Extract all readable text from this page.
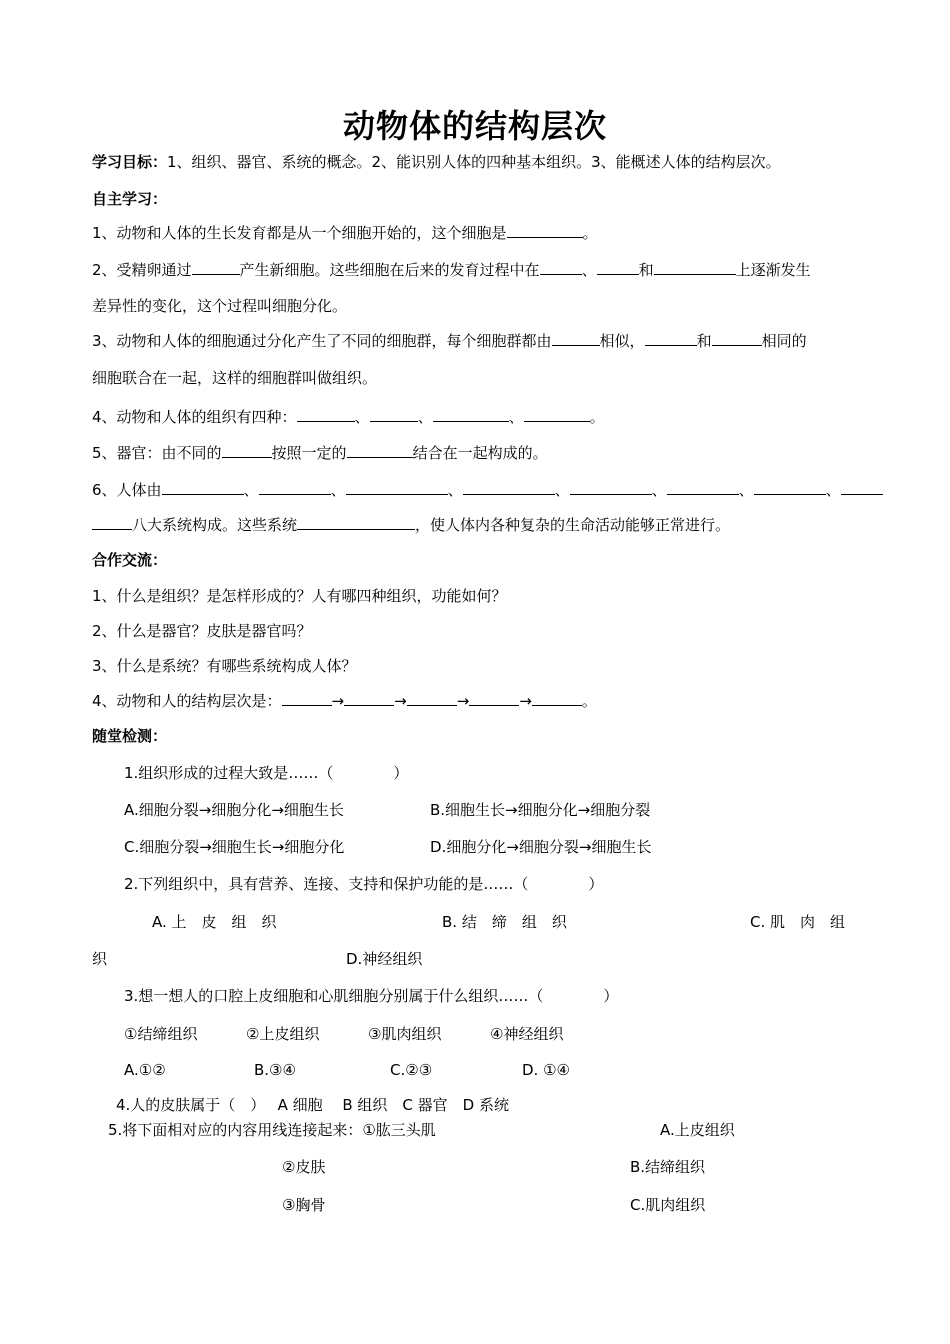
动物体的结构层次
学习目标：1、组织、器官、系统的概念。2、能识别人体的四种基本组织。3、能概述人体的结构层次。
自主学习：
1、动物和人体的生长发育都是从一个细胞开始的，这个细胞是	。
2、受精卵通过	产生新细胞。这些细胞在后来的发育过程中在	、	和	上逐渐发生
差异性的变化，这个过程叫细胞分化。
3、动物和人体的细胞通过分化产生了不同的细胞群，每个细胞群都由	相似，	和	相同的
细胞联合在一起，这样的细胞群叫做组织。
4、动物和人体的组织有四种：	、	、	、	。
5、器官：由不同的	按照一定的	结合在一起构成的。
6、人体由	、	、	、	、	、	、	、
八大系统构成。这些系统	，使人体内各种复杂的生命活动能够正常进行。
合作交流：
1、什么是组织？是怎样形成的？人有哪四种组织，功能如何？
2、什么是器官？皮肤是器官吗？
3、什么是系统？有哪些系统构成人体？
4、动物和人的结构层次是：	→	→	→	→	。
随堂检测：
1.组织形成的过程大致是……（　　　　）
A.细胞分裂→细胞分化→细胞生长	B.细胞生长→细胞分化→细胞分裂
C.细胞分裂→细胞生长→细胞分化	D.细胞分化→细胞分裂→细胞生长
2.下列组织中，具有营养、连接、支持和保护功能的是……（　　　　）
A. 上　皮　组　织	B. 结　缔　组　织	C. 肌　肉　组
织	D.神经组织
3.想一想人的口腔上皮细胞和心肌细胞分别属于什么组织……（　　　　）
①结缔组织	②上皮组织	③肌肉组织	④神经组织
A.①②	B.③④	C.②③	D. ①④
4.人的皮肤属于（　）　 A 细胞　 B 组织　C 器官　D 系统
5.将下面相对应的内容用线连接起来：①肱三头肌	A.上皮组织
②皮肤	B.结缔组织
③胸骨	C.肌肉组织
